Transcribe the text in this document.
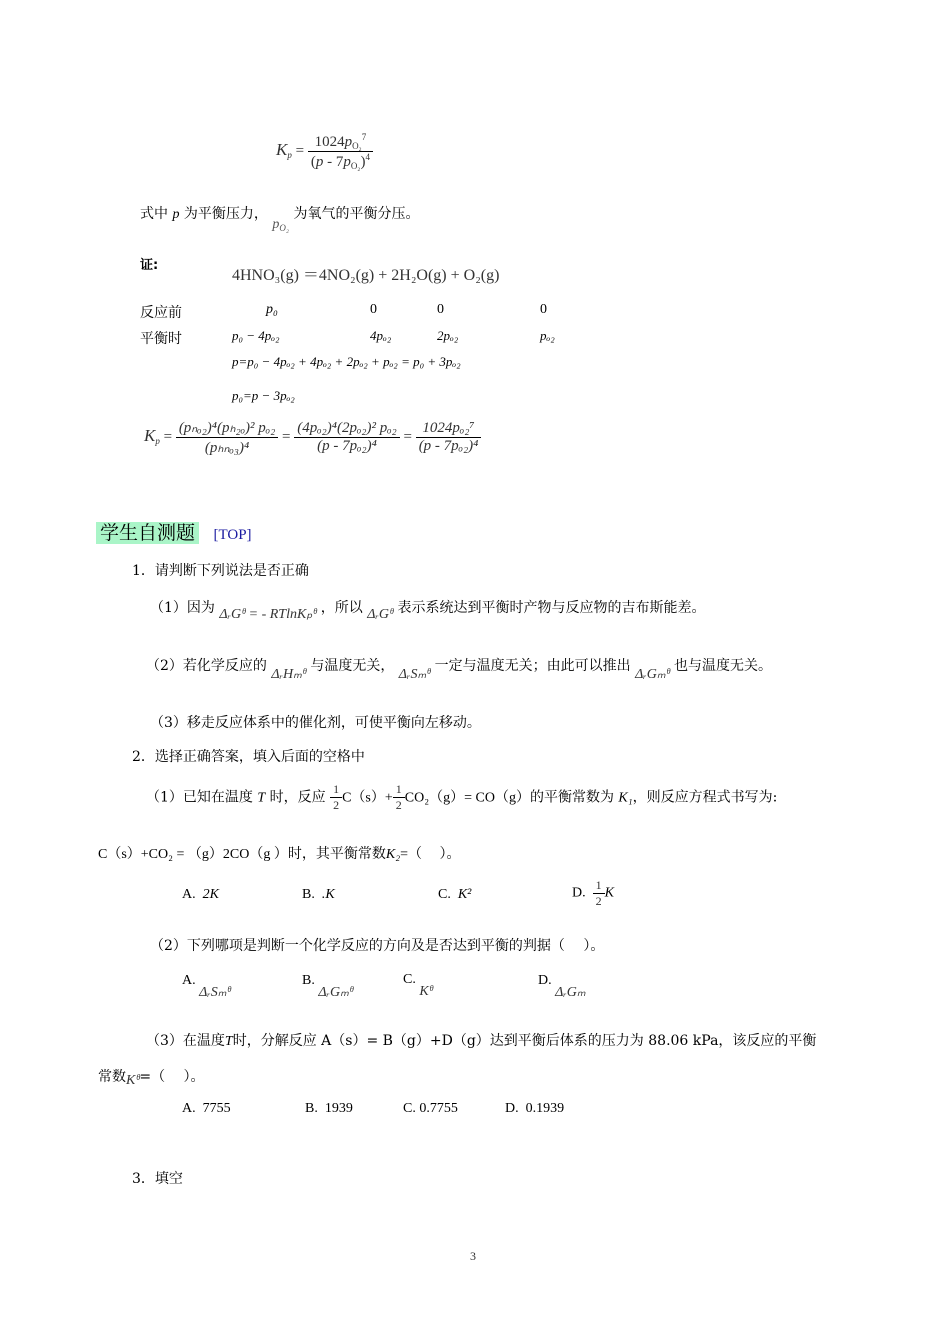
$K_p = \frac{1024p_{O_2}^7}{(p - 7p_{O_2})^4}$
式中 p 为平衡压力， $p_{O_2}$ 为氧气的平衡分压。
证:
4HNO₃(g) ＝4NO₂(g) + 2H₂O(g) + O₂(g)
反应前	p₀	0	0	0
平衡时	p₀ − 4pₒ₂	4pₒ₂	2pₒ₂	pₒ₂
p=p₀ − 4pₒ₂ + 4pₒ₂ + 2pₒ₂ + pₒ₂ = p₀ + 3pₒ₂
p₀=p − 3pₒ₂
$K_p = \frac{\text{(pₙₒ₂)⁴(pₕ₂ₒ)² pₒ₂}}{\text{(pₕₙₒ₃)⁴}} = \frac{\text{(4pₒ₂)⁴(2pₒ₂)² pₒ₂}}{\text{(p - 7pₒ₂)⁴}} = \frac{\text{1024pₒ₂⁷}}{\text{(p - 7pₒ₂)⁴}}$
学生自测题 [TOP]
1．请判断下列说法是否正确
（1）因为 ΔᵣGᶿ = - RTlnKₚᶿ ，所以 ΔᵣGᶿ 表示系统达到平衡时产物与反应物的吉布斯能差。
（2）若化学反应的 ΔᵣHₘᶿ 与温度无关， ΔᵣSₘᶿ 一定与温度无关；由此可以推出 ΔᵣGₘᶿ 也与温度无关。
（3）移走反应体系中的催化剂，可使平衡向左移动。
2．选择正确答案，填入后面的空格中
（1）已知在温度 T 时，反应 $\frac{1}{2} C(s)+ \frac{1}{2} CO_2(g)= CO(g)$的平衡常数为 K₁，则反应方程式书写为:
C（s）+CO₂ = （g）2CO（g ）时，其平衡常数K₂=（　 ）。
A. 2K	B. .K	C. K²	D. $\frac{1}{2}$ K
（2）下列哪项是判断一个化学反应的方向及是否达到平衡的判据（　 ）。
A. ΔᵣSₘᶿ
B. ΔᵣGₘᶿ
C. Kᶿ
D. ΔᵣGₘ
（3）在温度T时，分解反应 A（s）= B（g）+D（g）达到平衡后体系的压力为 88.06 kPa，该反应的平衡
常数Kᶿ=（　 ）。
A. 7755	B. 1939	C. 0.7755	D. 0.1939
3．填空
3
